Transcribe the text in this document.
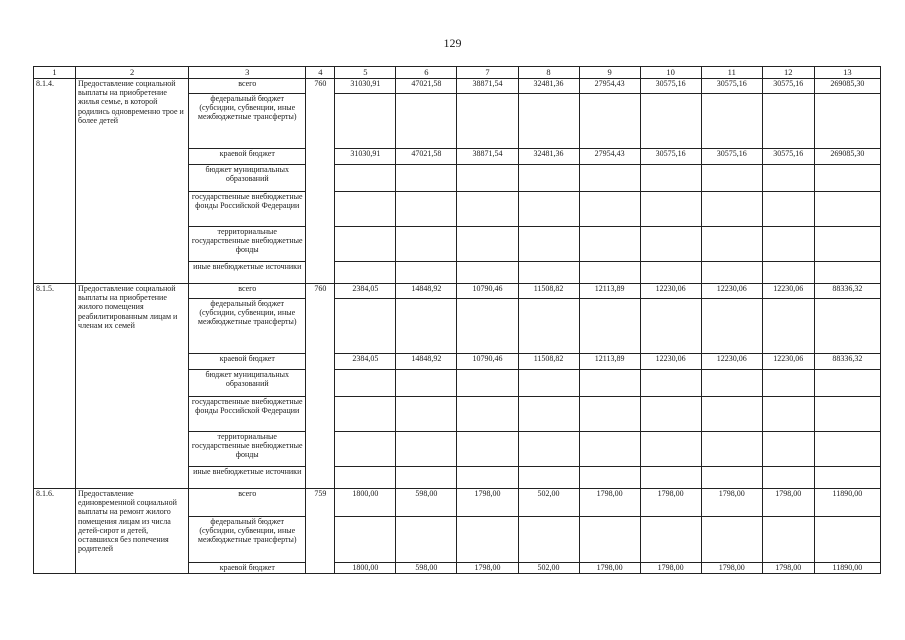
129
1	2	3	4	5	6	7	8	9	10	11	12	13
8.1.4.	Предоставление социальной выплаты на приобретение жилья семье, в которой родились одновременно трое и более детей	всего	760	31030,91	47021,58	38871,54	32481,36	27954,43	30575,16	30575,16	30575,16	269085,30
		федеральный бюджет (субсидии, субвенции, иные межбюджетные трансферты)										
		краевой бюджет		31030,91	47021,58	38871,54	32481,36	27954,43	30575,16	30575,16	30575,16	269085,30
		бюджет муниципальных образований										
		государственные внебюджетные фонды Российской Федерации										
		территориальные государственные внебюджетные фонды										
		иные внебюджетные источники										
8.1.5.	Предоставление социальной выплаты на приобретение жилого помещения реабилитированным лицам и членам их семей	всего	760	2384,05	14848,92	10790,46	11508,82	12113,89	12230,06	12230,06	12230,06	88336,32
		федеральный бюджет (субсидии, субвенции, иные межбюджетные трансферты)										
		краевой бюджет		2384,05	14848,92	10790,46	11508,82	12113,89	12230,06	12230,06	12230,06	88336,32
		бюджет муниципальных образований										
		государственные внебюджетные фонды Российской Федерации										
		территориальные государственные внебюджетные фонды										
		иные внебюджетные источники										
8.1.6.	Предоставление единовременной социальной выплаты на ремонт жилого помещения лицам из числа детей-сирот и детей, оставшихся без попечения родителей	всего	759	1800,00	598,00	1798,00	502,00	1798,00	1798,00	1798,00	1798,00	11890,00
		федеральный бюджет (субсидии, субвенции, иные межбюджетные трансферты)										
		краевой бюджет		1800,00	598,00	1798,00	502,00	1798,00	1798,00	1798,00	1798,00	11890,00
